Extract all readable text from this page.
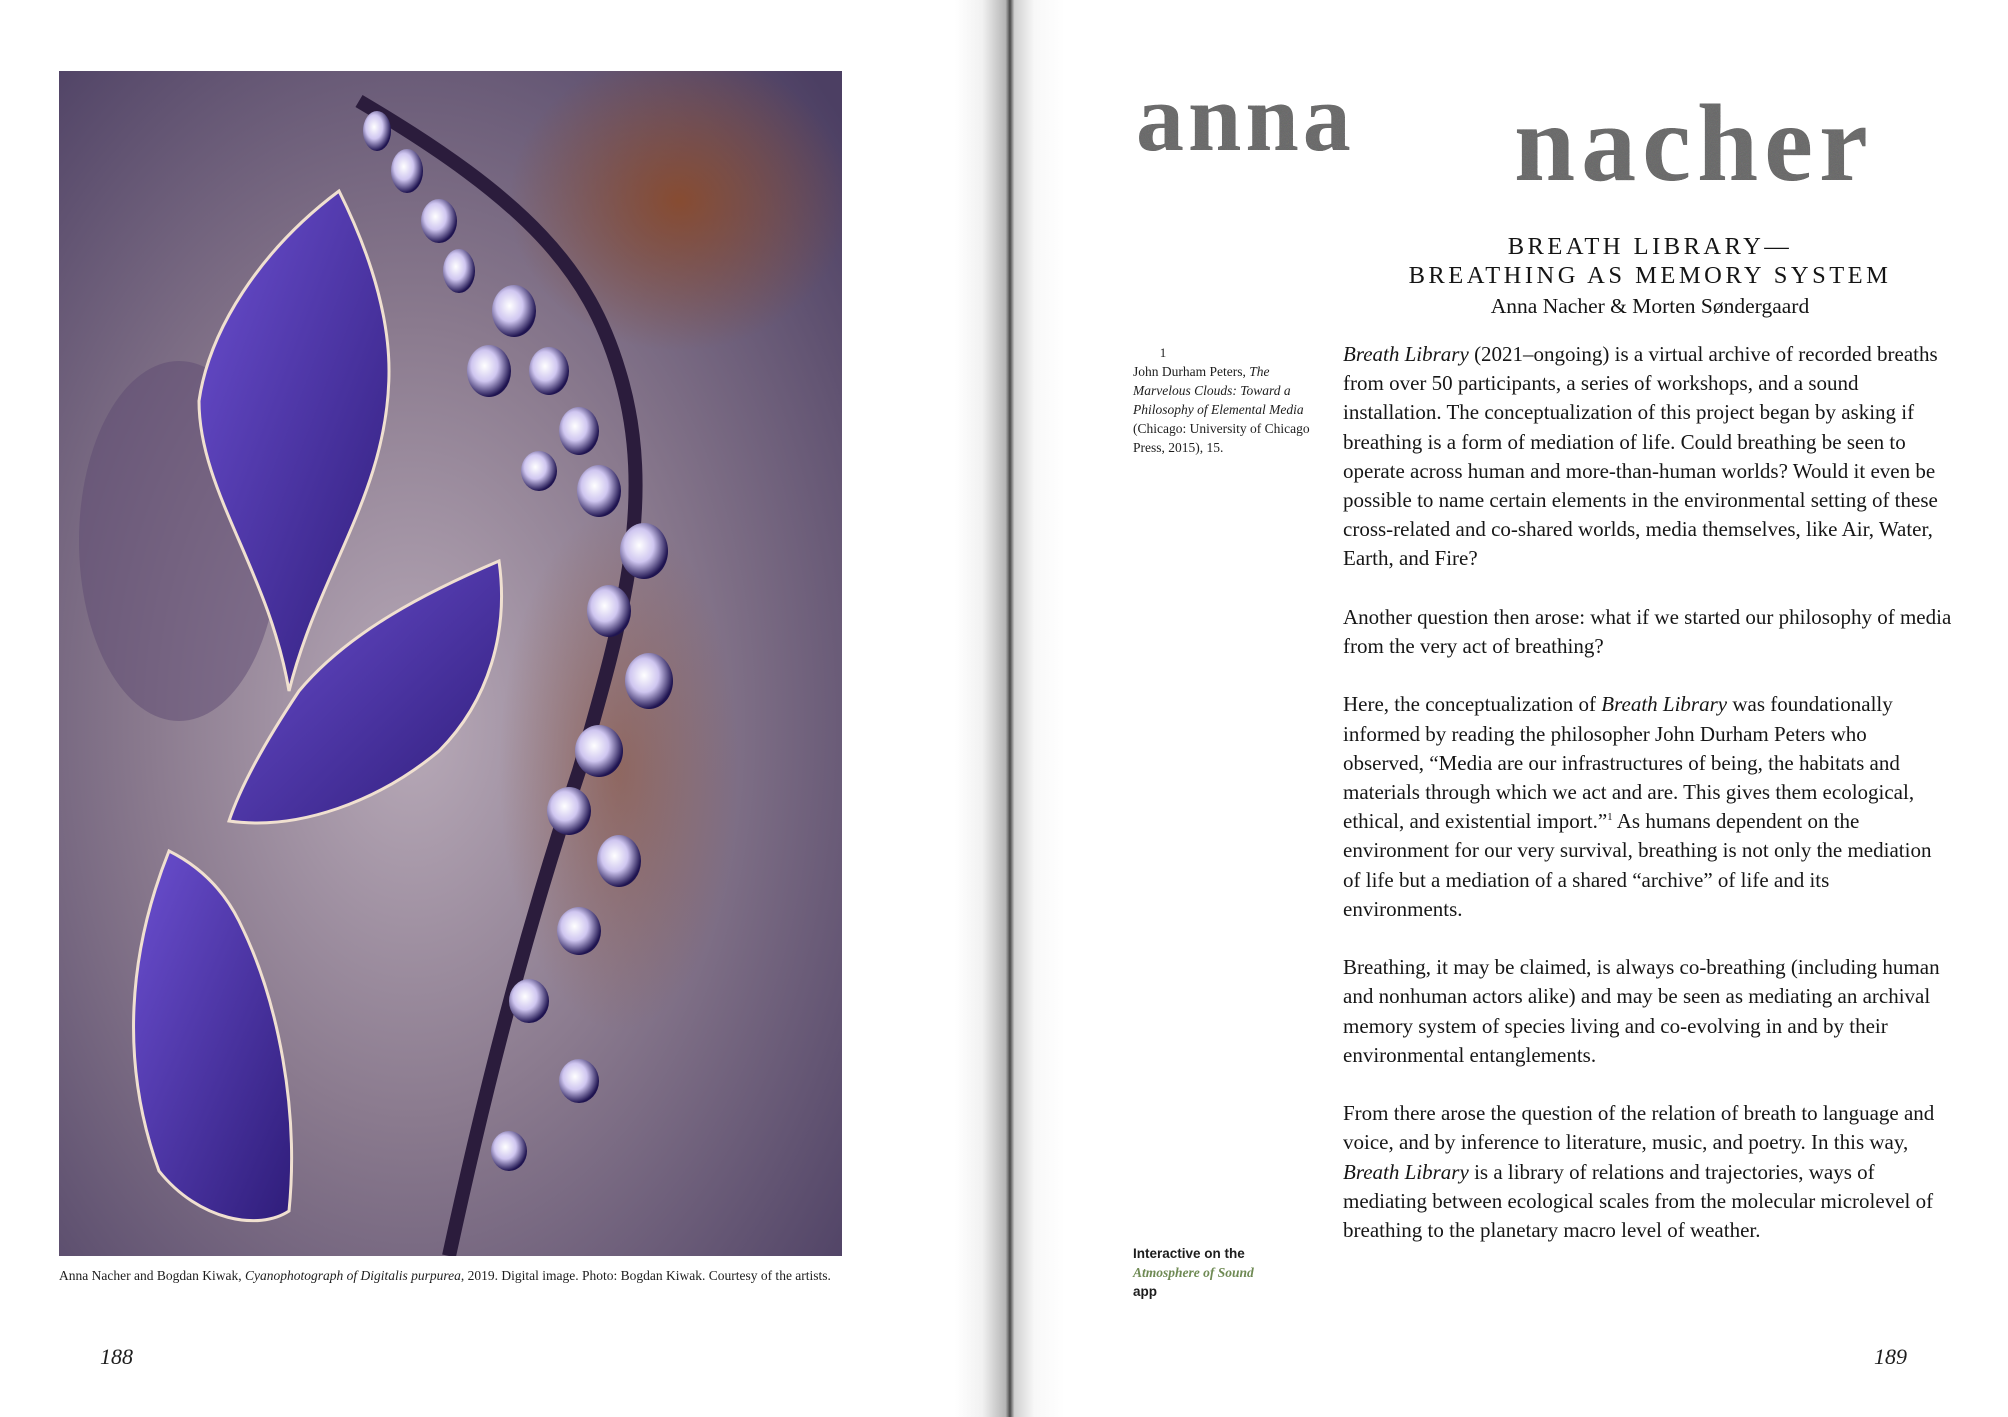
Anna Nacher and Bogdan Kiwak, Cyanophotograph of Digitalis purpurea, 2019. Digital image. Photo: Bogdan Kiwak. Courtesy of the artists.
188
anna nacher
BREATH LIBRARY—
BREATHING AS MEMORY SYSTEM
Anna Nacher & Morten Søndergaard
1
John Durham Peters, The Marvelous Clouds: Toward a Philosophy of Elemental Media (Chicago: University of Chicago Press, 2015), 15.
Interactive on the Atmosphere of Sound app

Breath Library (2021–ongoing) is a virtual archive of recorded breaths from over 50 participants, a series of workshops, and a sound installation. The conceptualization of this project began by asking if breathing is a form of mediation of life. Could breathing be seen to operate across human and more-than-human worlds? Would it even be possible to name certain elements in the environmental setting of these cross-related and co-shared worlds, media themselves, like Air, Water, Earth, and Fire?

Another question then arose: what if we started our philosophy of media from the very act of breathing?

Here, the conceptualization of Breath Library was foundationally informed by reading the philosopher John Durham Peters who observed, “Media are our infrastructures of being, the habitats and materials through which we act and are. This gives them ecological, ethical, and existential import.”$^1$ As humans dependent on the environment for our very survival, breathing is not only the mediation of life but a mediation of a shared “archive” of life and its environments.

Breathing, it may be claimed, is always co-breathing (including human and nonhuman actors alike) and may be seen as mediating an archival memory system of species living and co-evolving in and by their environmental entanglements.

From there arose the question of the relation of breath to language and voice, and by inference to literature, music, and poetry. In this way, Breath Library is a library of relations and trajectories, ways of mediating between ecological scales from the molecular microlevel of breathing to the planetary macro level of weather.

189
